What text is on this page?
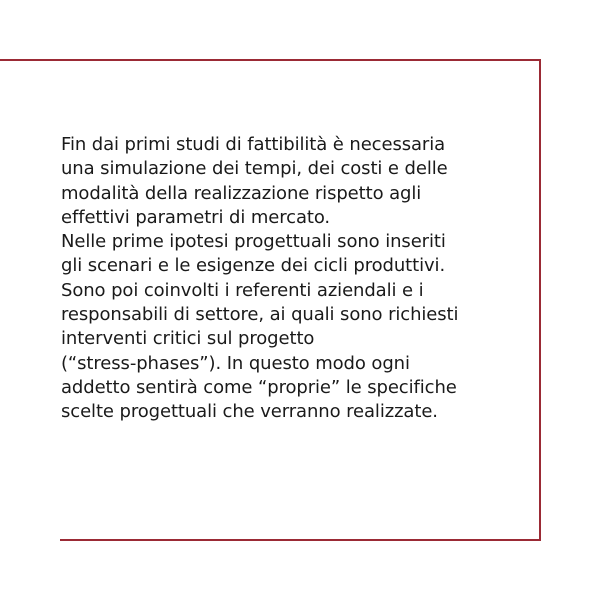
Fin dai primi studi di fattibilità è necessaria
una simulazione dei tempi, dei costi e delle
modalità della realizzazione rispetto agli
effettivi parametri di mercato.
Nelle prime ipotesi progettuali sono inseriti
gli scenari e le esigenze dei cicli produttivi.
Sono poi coinvolti i referenti aziendali e i
responsabili di settore, ai quali sono richiesti
interventi critici sul progetto
(“stress-phases”). In questo modo ogni
addetto sentirà come “proprie” le specifiche
scelte progettuali che verranno realizzate.
